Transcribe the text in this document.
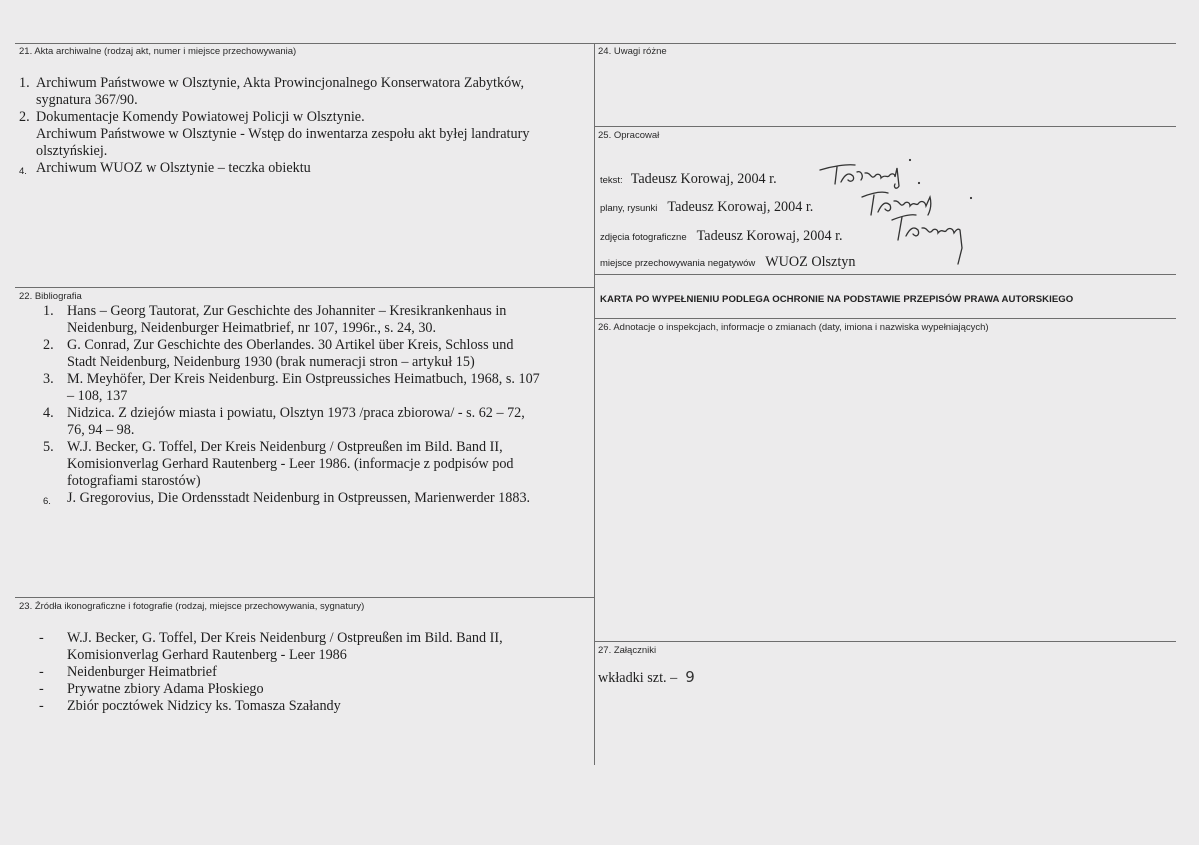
21. Akta archiwalne (rodzaj akt, numer i miejsce przechowywania)
1. Archiwum Państwowe w Olsztynie, Akta Prowincjonalnego Konserwatora Zabytków,
sygnatura 367/90.
2. Dokumentacje Komendy Powiatowej Policji w Olsztynie.
Archiwum Państwowe w Olsztynie - Wstęp do inwentarza zespołu akt byłej landratury
olsztyńskiej.
4. Archiwum WUOZ w Olsztynie – teczka obiektu
22. Bibliografia
1. Hans – Georg Tautorat, Zur Geschichte des Johanniter – Kresikrankenhaus in
Neidenburg, Neidenburger Heimatbrief, nr 107, 1996r., s. 24, 30.
2. G. Conrad, Zur Geschichte des Oberlandes. 30 Artikel über Kreis, Schloss und
Stadt Neidenburg, Neidenburg 1930 (brak numeracji stron – artykuł 15)
3. M. Meyhöfer, Der Kreis Neidenburg. Ein Ostpreussiches Heimatbuch, 1968, s. 107
– 108, 137
4. Nidzica. Z dziejów miasta i powiatu, Olsztyn 1973 /praca zbiorowa/ - s. 62 – 72,
76, 94 – 98.
5. W.J. Becker, G. Toffel, Der Kreis Neidenburg / Ostpreußen im Bild. Band II,
Komisionverlag Gerhard Rautenberg - Leer 1986. (informacje z podpisów pod
fotografiami starostów)
6. J. Gregorovius, Die Ordensstadt Neidenburg in Ostpreussen, Marienwerder 1883.
23. Źródła ikonograficzne i fotografie (rodzaj, miejsce przechowywania, sygnatury)
- W.J. Becker, G. Toffel, Der Kreis Neidenburg / Ostpreußen im Bild. Band II,
Komisionverlag Gerhard Rautenberg - Leer 1986
- Neidenburger Heimatbrief
- Prywatne zbiory Adama Płoskiego
- Zbiór pocztówek Nidzicy ks. Tomasza Szałandy
24. Uwagi różne
25. Opracował
tekst: Tadeusz Korowaj, 2004 r.
plany, rysunki Tadeusz Korowaj, 2004 r.
zdjęcia fotograficzne Tadeusz Korowaj, 2004 r.
miejsce przechowywania negatywów WUOZ Olsztyn
KARTA PO WYPEŁNIENIU PODLEGA OCHRONIE NA PODSTAWIE PRZEPISÓW PRAWA AUTORSKIEGO
26. Adnotacje o inspekcjach, informacje o zmianach (daty, imiona i nazwiska wypełniających)
27. Załączniki
wkładki szt. – 9
